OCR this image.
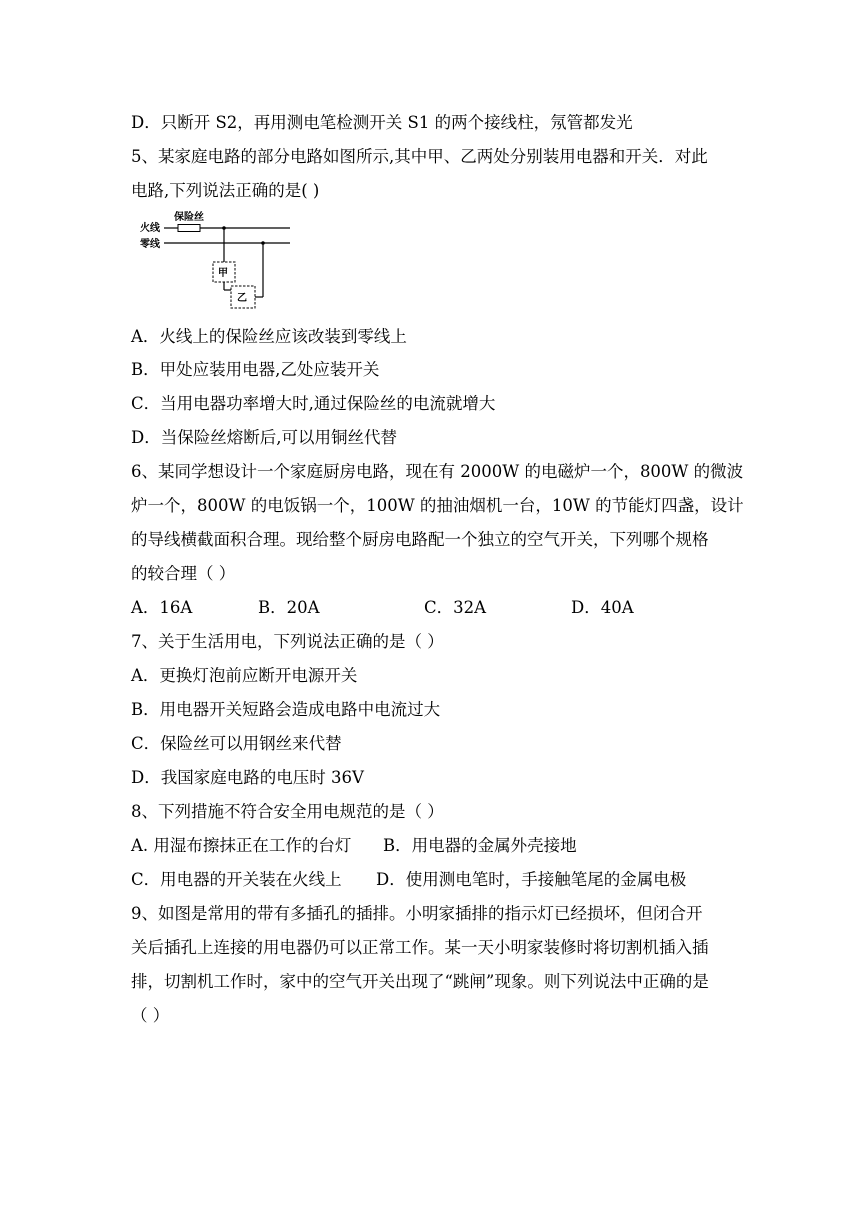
D．只断开 S2，再用测电笔检测开关 S1 的两个接线柱，氖管都发光
5、某家庭电路的部分电路如图所示,其中甲、乙两处分别装用电器和开关．对此
电路,下列说法正确的是( )
火线
零线
保险丝
甲
乙
A．火线上的保险丝应该改装到零线上
B．甲处应装用电器,乙处应装开关
C．当用电器功率增大时,通过保险丝的电流就增大
D．当保险丝熔断后,可以用铜丝代替
6、某同学想设计一个家庭厨房电路，现在有 2000W 的电磁炉一个，800W 的微波
炉一个，800W 的电饭锅一个，100W 的抽油烟机一台，10W 的节能灯四盏，设计
的导线横截面积合理。现给整个厨房电路配一个独立的空气开关，下列哪个规格
的较合理（ ）
A．16A	B．20A	C．32A	D．40A
7、关于生活用电，下列说法正确的是（ ）
A．更换灯泡前应断开电源开关
B．用电器开关短路会造成电路中电流过大
C．保险丝可以用钢丝来代替
D．我国家庭电路的电压时 36V
8、下列措施不符合安全用电规范的是（ ）
A. 用湿布擦抹正在工作的台灯 B．用电器的金属外壳接地
C．用电器的开关装在火线上 D．使用测电笔时，手接触笔尾的金属电极
9、如图是常用的带有多插孔的插排。小明家插排的指示灯已经损坏，但闭合开
关后插孔上连接的用电器仍可以正常工作。某一天小明家装修时将切割机插入插
排，切割机工作时，家中的空气开关出现了“跳闸”现象。则下列说法中正确的是
（ ）
